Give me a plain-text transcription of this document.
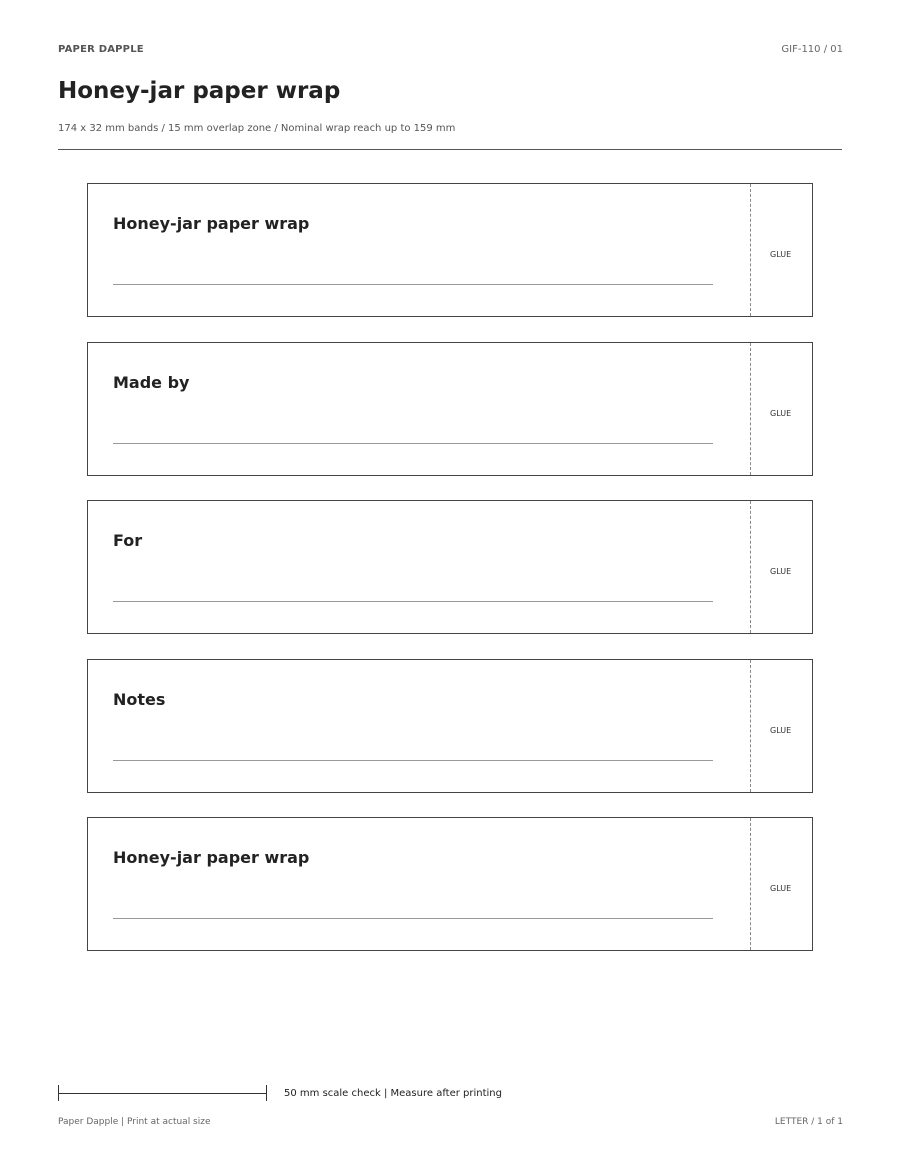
PAPER DAPPLE	GIF-110 / 01
Honey-jar paper wrap
174 x 32 mm bands / 15 mm overlap zone / Nominal wrap reach up to 159 mm
Honey-jar paper wrap
GLUE
Made by
GLUE
For
GLUE
Notes
GLUE
Honey-jar paper wrap
GLUE
50 mm scale check | Measure after printing
Paper Dapple | Print at actual size	LETTER / 1 of 1
